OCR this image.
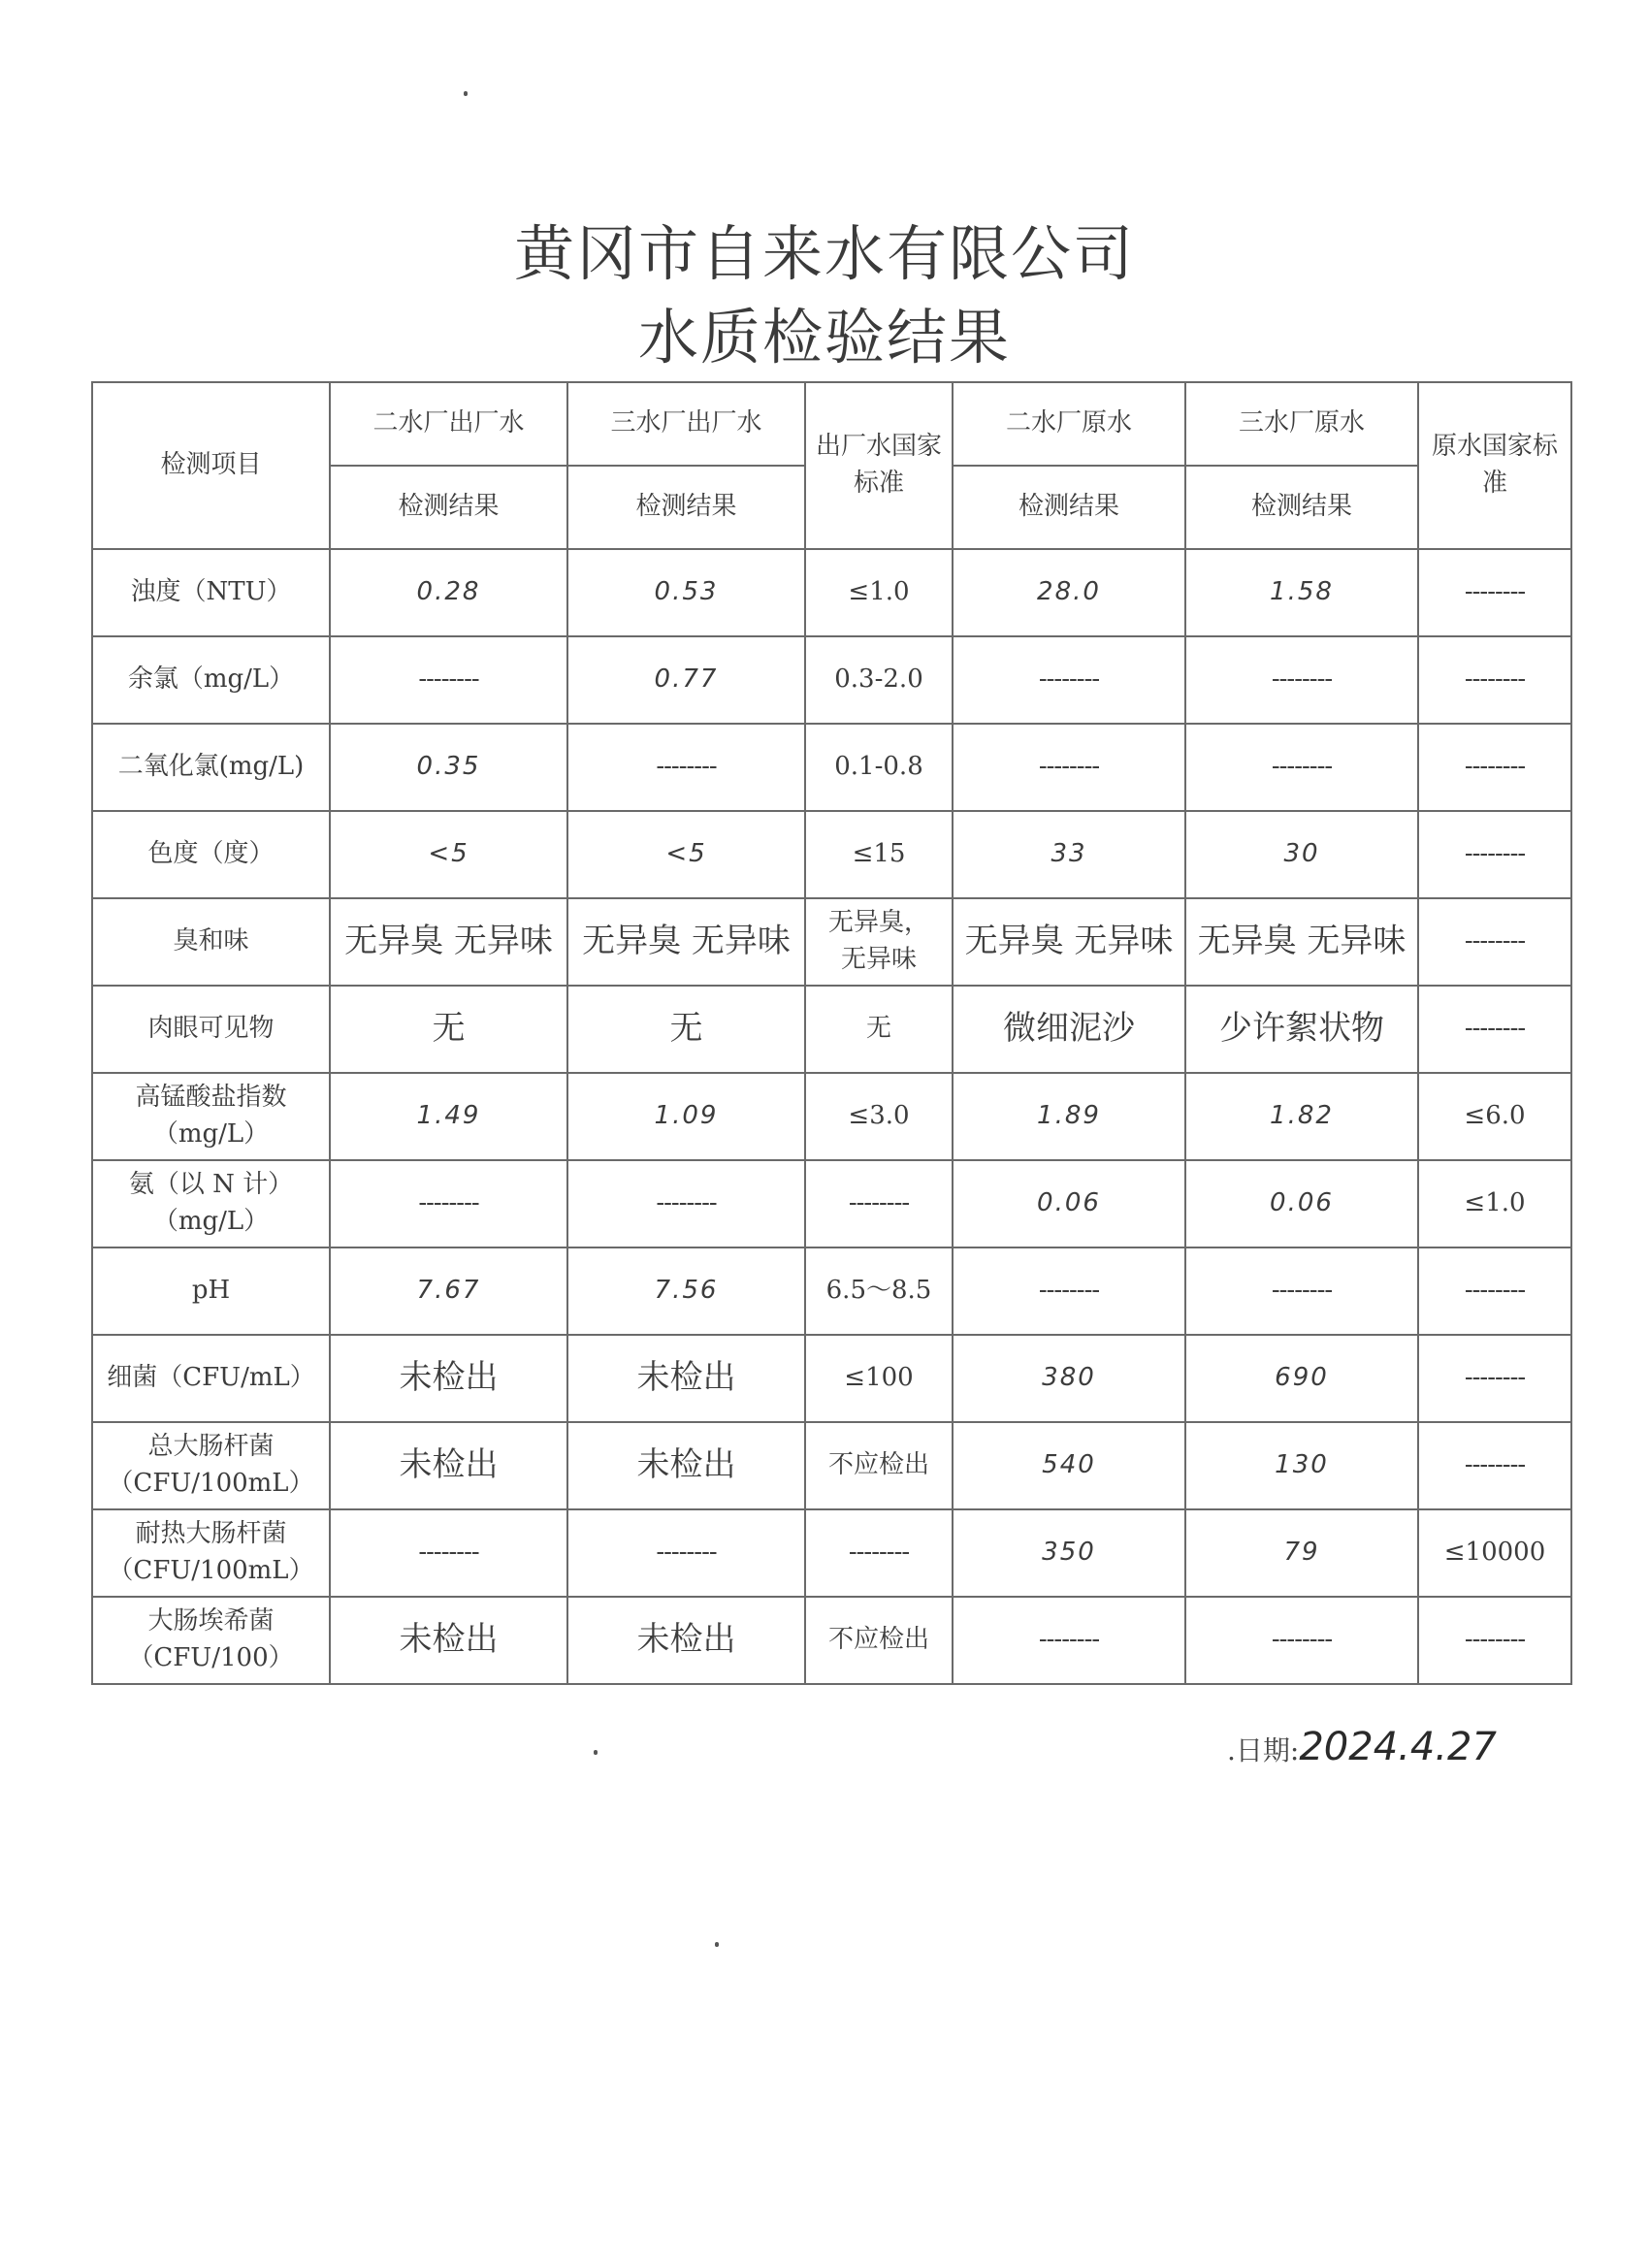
黄冈市自来水有限公司
水质检验结果
检测项目	二水厂出厂水	三水厂出厂水	出厂水国家标准	二水厂原水	三水厂原水	原水国家标准
	检测结果	检测结果		检测结果	检测结果	
浊度（NTU）	0.28	0.53	≤1.0	28.0	1.58	--------
余氯（mg/L）	--------	0.77	0.3-2.0	--------	--------	--------
二氧化氯(mg/L)	0.35	--------	0.1-0.8	--------	--------	--------
色度（度）	<5	<5	≤15	33	30	--------
臭和味	无异臭 无异味	无异臭 无异味	无异臭，
无异味	无异臭 无异味	无异臭 无异味	--------
肉眼可见物	无	无	无	微细泥沙	少许絮状物	--------
高锰酸盐指数
（mg/L）	1.49	1.09	≤3.0	1.89	1.82	≤6.0
氨（以 N 计）
（mg/L）	--------	--------	--------	0.06	0.06	≤1.0
pH	7.67	7.56	6.5～8.5	--------	--------	--------
细菌（CFU/mL）	未检出	未检出	≤100	380	690	--------
总大肠杆菌
（CFU/100mL）	未检出	未检出	不应检出	540	130	--------
耐热大肠杆菌
（CFU/100mL）	--------	--------	--------	350	79	≤10000
大肠埃希菌
（CFU/100）	未检出	未检出	不应检出	--------	--------	--------
.日期:2024.4.27
